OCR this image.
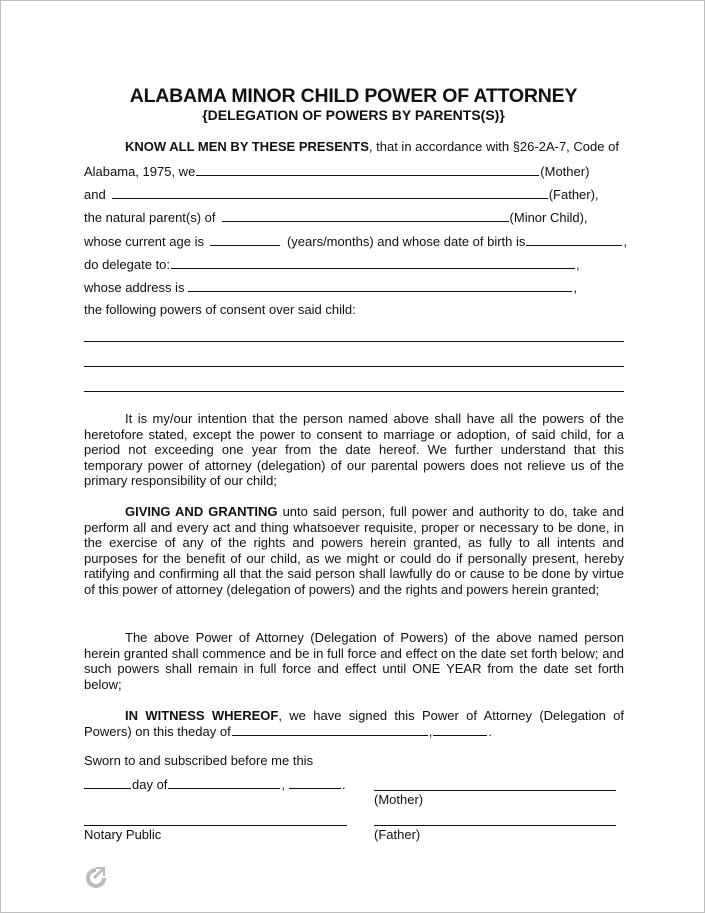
ALABAMA MINOR CHILD POWER OF ATTORNEY
{DELEGATION OF POWERS BY PARENTS(S)}
KNOW ALL MEN BY THESE PRESENTS, that in accordance with §26-2A-7, Code of
Alabama, 1975, we	(Mother)
and	(Father),
the natural parent(s) of	(Minor Child),
whose current age is	(years/months) and whose date of birth is	,
do delegate to:	,
whose address is	,
the following powers of consent over said child:
It is my/our intention that the person named above shall have all the powers of the heretofore stated, except the power to consent to marriage or adoption, of said child, for a period not exceeding one year from the date hereof. We further understand that this temporary power of attorney (delegation) of our parental powers does not relieve us of the primary responsibility of our child;
GIVING AND GRANTING unto said person, full power and authority to do, take and perform all and every act and thing whatsoever requisite, proper or necessary to be done, in the exercise of any of the rights and powers herein granted, as fully to all intents and purposes for the benefit of our child, as we might or could do if personally present, hereby ratifying and confirming all that the said person shall lawfully do or cause to be done by virtue of this power of attorney (delegation of powers) and the rights and powers herein granted;
The above Power of Attorney (Delegation of Powers) of the above named person herein granted shall commence and be in full force and effect on the date set forth below; and such powers shall remain in full force and effect until ONE YEAR from the date set forth below;
IN WITNESS WHEREOF, we have signed this Power of Attorney (Delegation of
Powers) on this theday of	,	.
Sworn to and subscribed before me this
day of	,	.
(Mother)
Notary Public	(Father)
